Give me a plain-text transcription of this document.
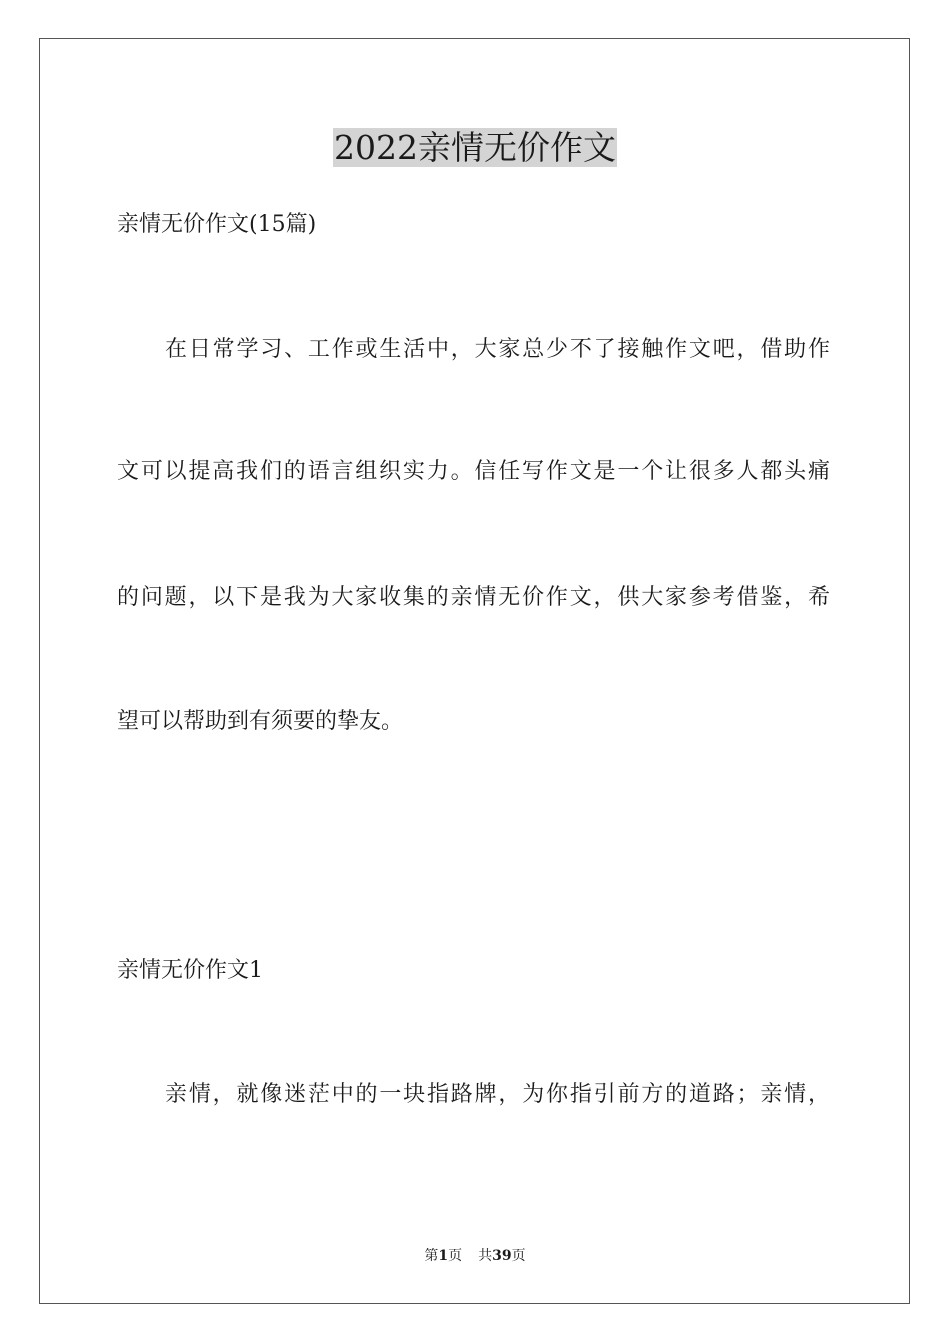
2022亲情无价作文
亲情无价作文(15篇)
在日常学习、工作或生活中，大家总少不了接触作文吧，借助作
文可以提高我们的语言组织实力。信任写作文是一个让很多人都头痛
的问题，以下是我为大家收集的亲情无价作文，供大家参考借鉴，希
望可以帮助到有须要的挚友。
亲情无价作文1
亲情，就像迷茫中的一块指路牌，为你指引前方的道路；亲情，
第1页 共39页
